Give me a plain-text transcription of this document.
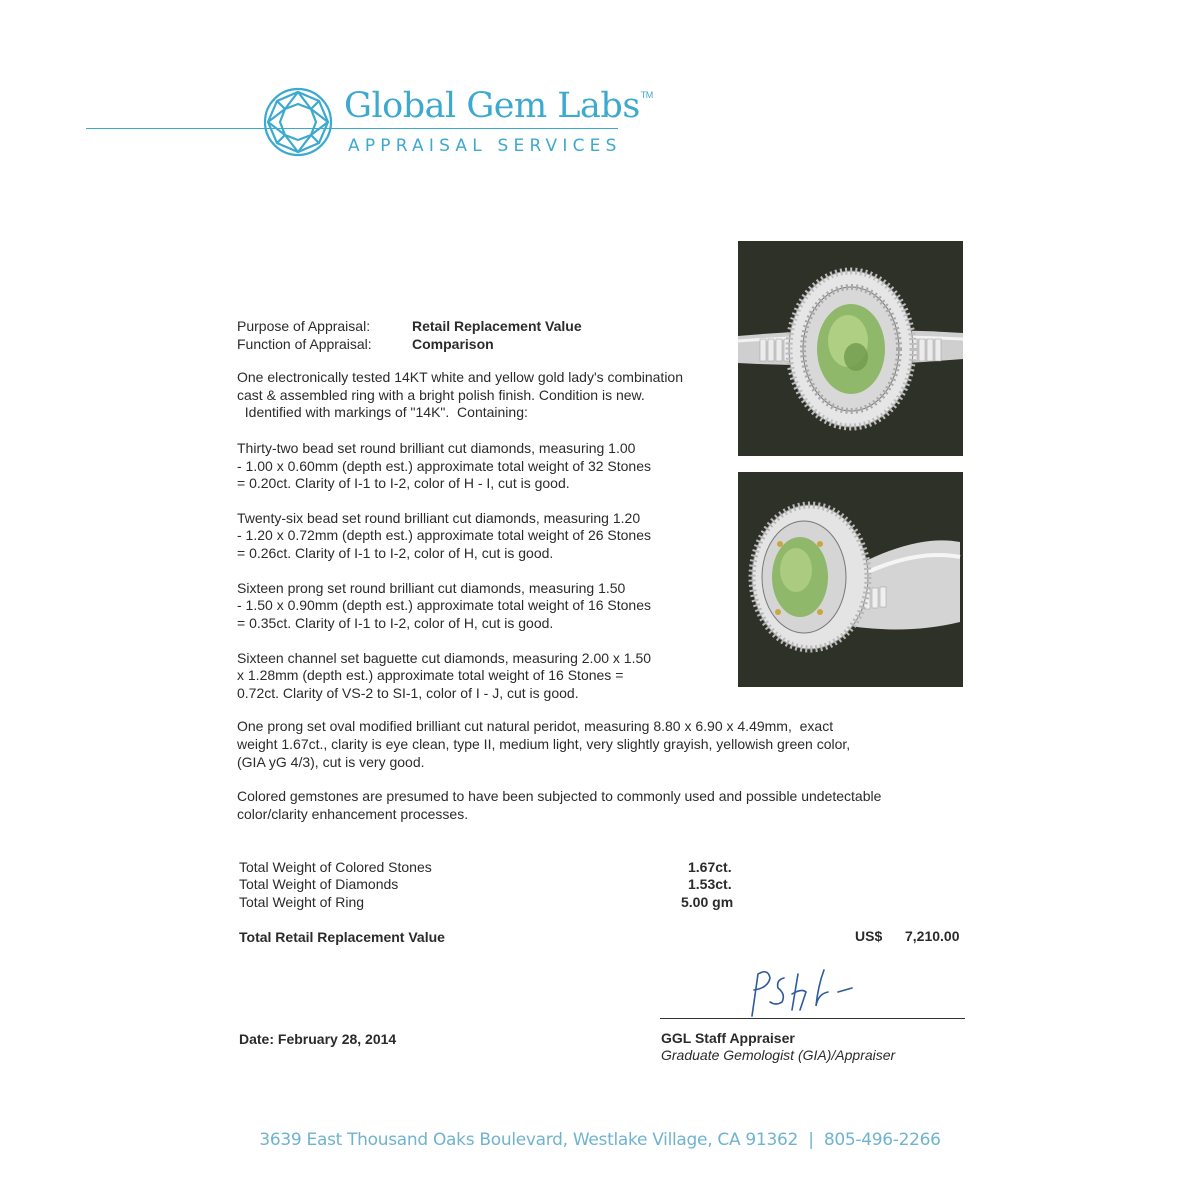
Global Gem Labs™
APPRAISAL SERVICES
Purpose of Appraisal:	Retail Replacement Value
Function of Appraisal:	Comparison
One electronically tested 14KT white and yellow gold lady's combination
cast & assembled ring with a bright polish finish. Condition is new.
Identified with markings of "14K".  Containing:
Thirty-two bead set round brilliant cut diamonds, measuring 1.00
- 1.00 x 0.60mm (depth est.) approximate total weight of 32 Stones
= 0.20ct. Clarity of I-1 to I-2, color of H - I, cut is good.
Twenty-six bead set round brilliant cut diamonds, measuring 1.20
- 1.20 x 0.72mm (depth est.) approximate total weight of 26 Stones
= 0.26ct. Clarity of I-1 to I-2, color of H, cut is good.
Sixteen prong set round brilliant cut diamonds, measuring 1.50
- 1.50 x 0.90mm (depth est.) approximate total weight of 16 Stones
= 0.35ct. Clarity of I-1 to I-2, color of H, cut is good.
Sixteen channel set baguette cut diamonds, measuring 2.00 x 1.50
x 1.28mm (depth est.) approximate total weight of 16 Stones =
0.72ct. Clarity of VS-2 to SI-1, color of I - J, cut is good.
One prong set oval modified brilliant cut natural peridot, measuring 8.80 x 6.90 x 4.49mm,  exact
weight 1.67ct., clarity is eye clean, type II, medium light, very slightly grayish, yellowish green color,
(GIA yG 4/3), cut is very good.
Colored gemstones are presumed to have been subjected to commonly used and possible undetectable
color/clarity enhancement processes.
Total Weight of Colored Stones	1.67ct.
Total Weight of Diamonds	1.53ct.
Total Weight of Ring	5.00 gm
Total Retail Replacement Value	US$ 7,210.00
Date: February 28, 2014	GGL Staff Appraiser
Graduate Gemologist (GIA)/Appraiser
3639 East Thousand Oaks Boulevard, Westlake Village, CA 91362  |  805-496-2266
